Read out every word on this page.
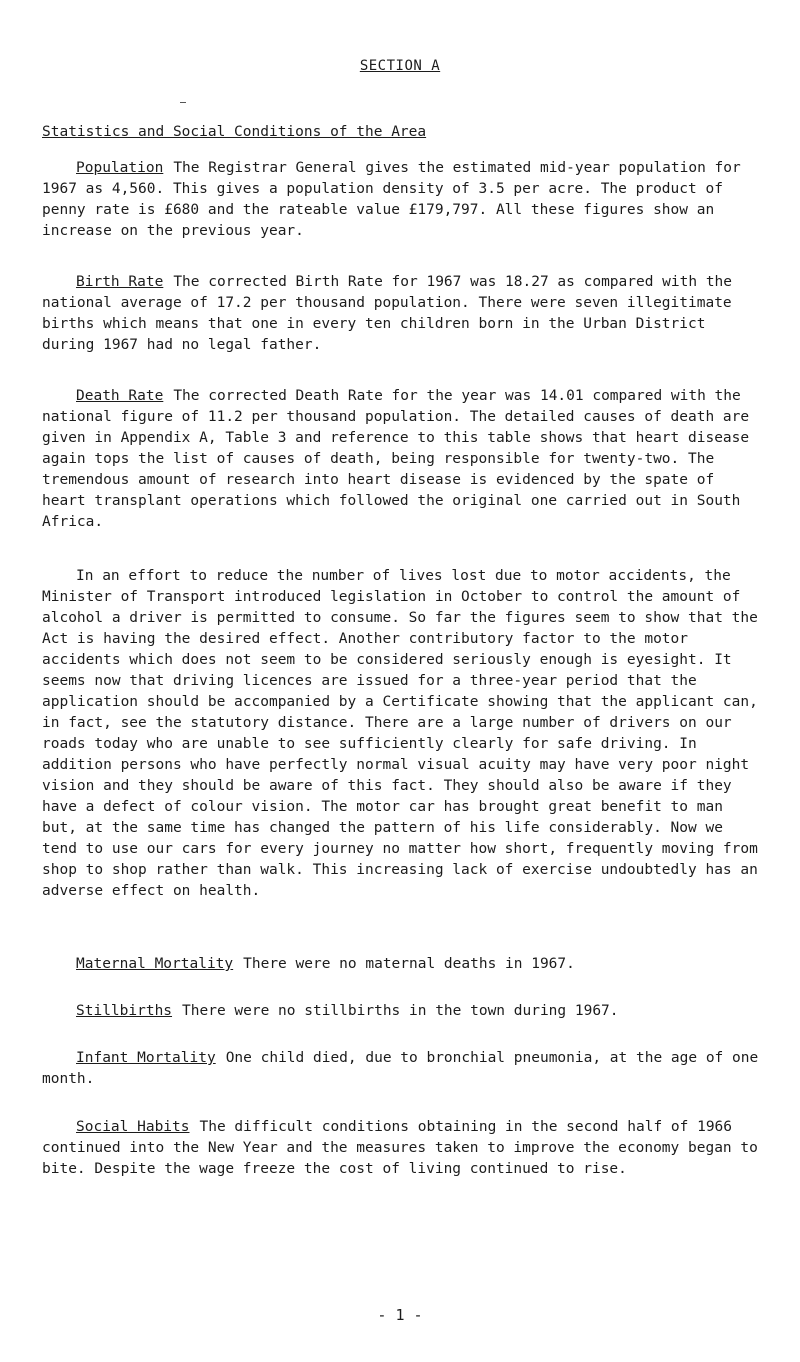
SECTION A
Statistics and Social Conditions of the Area

Population The Registrar General gives the estimated mid-year population for 1967 as 4,560. This gives a population density of 3.5 per acre. The product of penny rate is £680 and the rateable value £179,797. All these figures show an increase on the previous year.

Birth Rate The corrected Birth Rate for 1967 was 18.27 as compared with the national average of 17.2 per thousand population. There were seven illegitimate births which means that one in every ten children born in the Urban District during 1967 had no legal father.

Death Rate The corrected Death Rate for the year was 14.01 compared with the national figure of 11.2 per thousand population. The detailed causes of death are given in Appendix A, Table 3 and reference to this table shows that heart disease again tops the list of causes of death, being responsible for twenty-two. The tremendous amount of research into heart disease is evidenced by the spate of heart transplant operations which followed the original one carried out in South Africa.

In an effort to reduce the number of lives lost due to motor accidents, the Minister of Transport introduced legislation in October to control the amount of alcohol a driver is permitted to consume. So far the figures seem to show that the Act is having the desired effect. Another contributory factor to the motor accidents which does not seem to be considered seriously enough is eyesight. It seems now that driving licences are issued for a three-year period that the application should be accompanied by a Certificate showing that the applicant can, in fact, see the statutory distance. There are a large number of drivers on our roads today who are unable to see sufficiently clearly for safe driving. In addition persons who have perfectly normal visual acuity may have very poor night vision and they should be aware of this fact. They should also be aware if they have a defect of colour vision. The motor car has brought great benefit to man but, at the same time has changed the pattern of his life considerably. Now we tend to use our cars for every journey no matter how short, frequently moving from shop to shop rather than walk. This increasing lack of exercise undoubtedly has an adverse effect on health.

Maternal Mortality There were no maternal deaths in 1967.

Stillbirths There were no stillbirths in the town during 1967.

Infant Mortality One child died, due to bronchial pneumonia, at the age of one month.

Social Habits The difficult conditions obtaining in the second half of 1966 continued into the New Year and the measures taken to improve the economy began to bite. Despite the wage freeze the cost of living continued to rise.

- 1 -
